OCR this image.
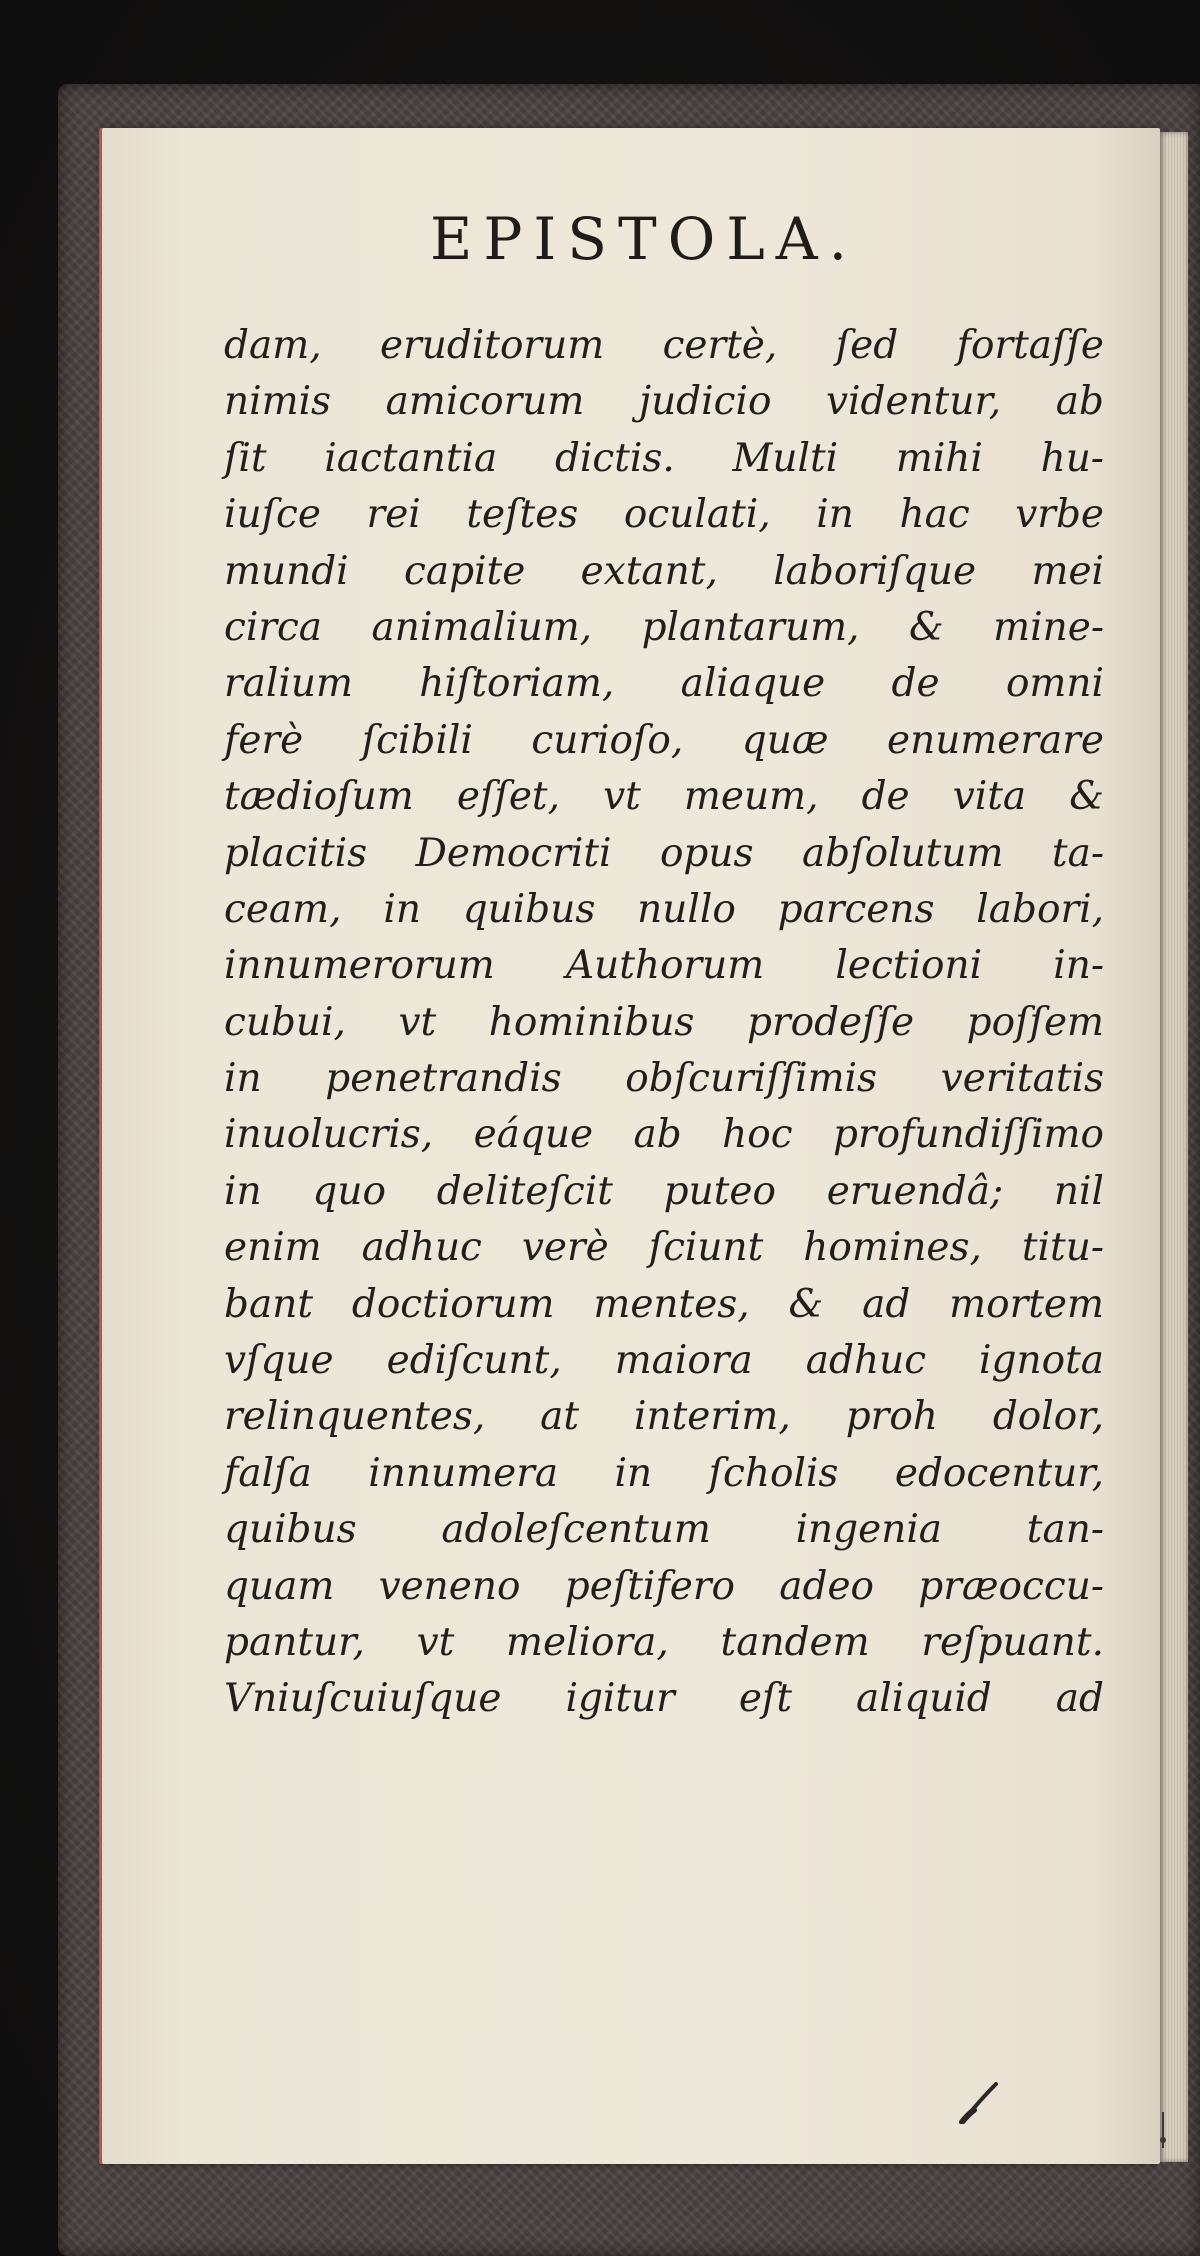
EPISTOLA.
dam, eruditorum certè, ſed fortaſſe
nimis amicorum judicio videntur, ab
ſit iactantia dictis. Multi mihi hu-
iuſce rei teſtes oculati, in hac vrbe
mundi capite extant, laboriſque mei
circa animalium, plantarum, & mine-
ralium hiſtoriam, aliaque de omni
ferè ſcibili curioſo, quæ enumerare
tædioſum eſſet, vt meum, de vita &
placitis Democriti opus abſolutum ta-
ceam, in quibus nullo parcens labori,
innumerorum Authorum lectioni in-
cubui, vt hominibus prodeſſe poſſem
in penetrandis obſcuriſſimis veritatis
inuolucris, eáque ab hoc profundiſſimo
in quo deliteſcit puteo eruendâ; nil
enim adhuc verè ſciunt homines, titu-
bant doctiorum mentes, & ad mortem
vſque ediſcunt, maiora adhuc ignota
relinquentes, at interim, proh dolor,
falſa innumera in ſcholis edocentur,
quibus adoleſcentum ingenia tan-
quam veneno peſtifero adeo præoccu-
pantur, vt meliora, tandem reſpuant.
Vniuſcuiuſque igitur eſt aliquid ad
